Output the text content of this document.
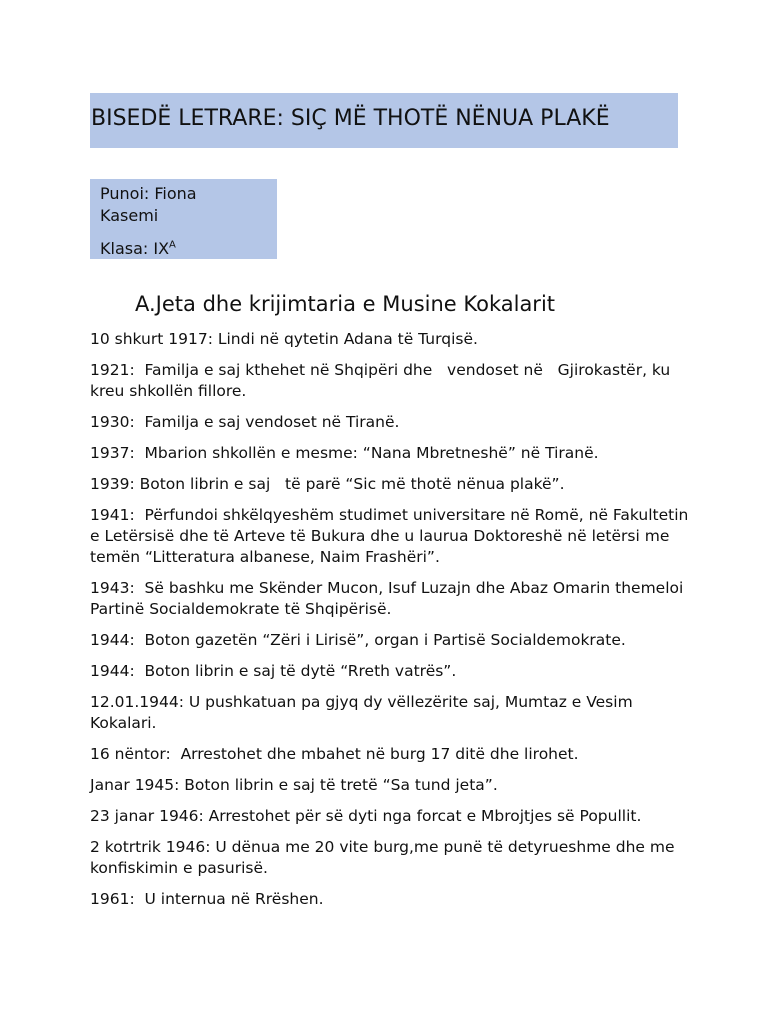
BISEDË LETRARE: SIÇ MË THOTË NËNUA PLAKË
Punoi: Fiona
Kasemi
Klasa: $IX^A$
A.Jeta dhe krijimtaria e Musine Kokalarit

10 shkurt 1917: Lindi në qytetin Adana të Turqisë.

1921:  Familja e saj kthehet në Shqipëri dhe   vendoset në   Gjirokastër, ku kreu shkollën fillore.

1930:  Familja e saj vendoset në Tiranë.

1937:  Mbarion shkollën e mesme: “Nana Mbretneshë” në Tiranë.

1939: Boton librin e saj   të parë “Sic më thotë nënua plakë”.

1941:  Përfundoi shkëlqyeshëm studimet universitare në Romë, në Fakultetin e Letërsisë dhe të Arteve të Bukura dhe u laurua Doktoreshë në letërsi me temën “Litteratura albanese, Naim Frashëri”.

1943:  Së bashku me Skënder Mucon, Isuf Luzajn dhe Abaz Omarin themeloi Partinë Socialdemokrate të Shqipërisë.

1944:  Boton gazetën “Zëri i Lirisë”, organ i Partisë Socialdemokrate.

1944:  Boton librin e saj të dytë “Rreth vatrës”.

12.01.1944: U pushkatuan pa gjyq dy vëllezërite saj, Mumtaz e Vesim Kokalari.

16 nëntor:  Arrestohet dhe mbahet në burg 17 ditë dhe lirohet.

Janar 1945: Boton librin e saj të tretë “Sa tund jeta”.

23 janar 1946: Arrestohet për së dyti nga forcat e Mbrojtjes së Popullit.

2 kotrtrik 1946: U dënua me 20 vite burg,me punë të detyrueshme dhe me konfiskimin e pasurisë.

1961:  U internua në Rrëshen.
